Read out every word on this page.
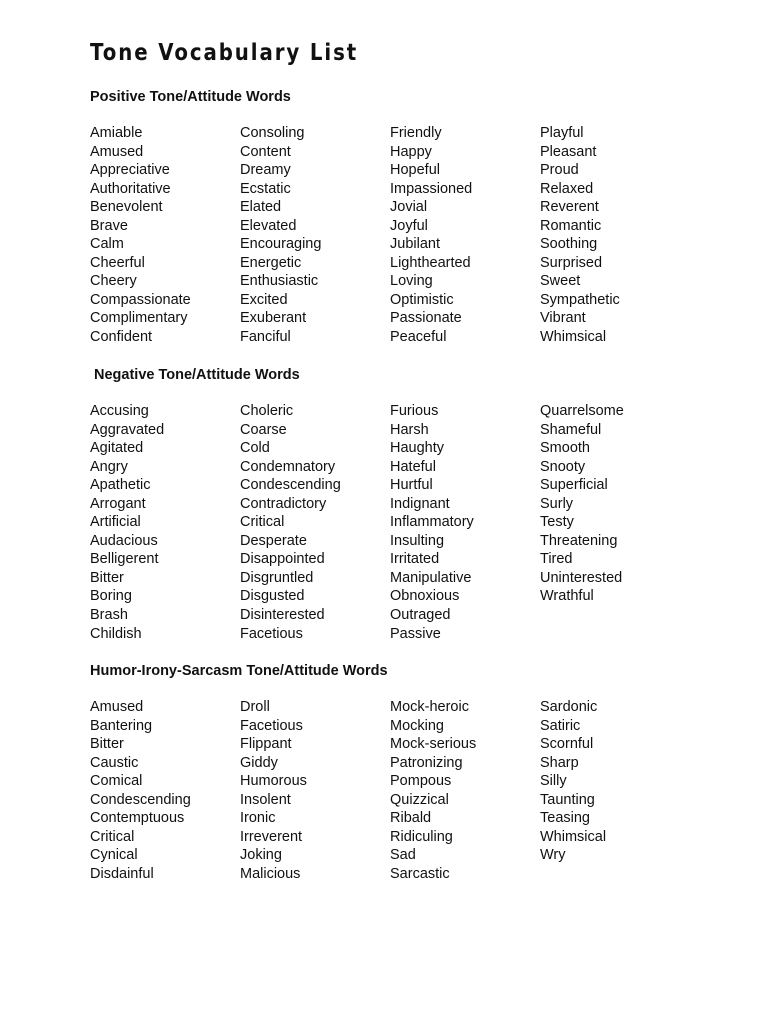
Tone Vocabulary List
Positive Tone/Attitude Words
Amiable
Amused
Appreciative
Authoritative
Benevolent
Brave
Calm
Cheerful
Cheery
Compassionate
Complimentary
Confident
Consoling
Content
Dreamy
Ecstatic
Elated
Elevated
Encouraging
Energetic
Enthusiastic
Excited
Exuberant
Fanciful
Friendly
Happy
Hopeful
Impassioned
Jovial
Joyful
Jubilant
Lighthearted
Loving
Optimistic
Passionate
Peaceful
Playful
Pleasant
Proud
Relaxed
Reverent
Romantic
Soothing
Surprised
Sweet
Sympathetic
Vibrant
Whimsical
Negative Tone/Attitude Words
Accusing
Aggravated
Agitated
Angry
Apathetic
Arrogant
Artificial
Audacious
Belligerent
Bitter
Boring
Brash
Childish
Choleric
Coarse
Cold
Condemnatory
Condescending
Contradictory
Critical
Desperate
Disappointed
Disgruntled
Disgusted
Disinterested
Facetious
Furious
Harsh
Haughty
Hateful
Hurtful
Indignant
Inflammatory
Insulting
Irritated
Manipulative
Obnoxious
Outraged
Passive
Quarrelsome
Shameful
Smooth
Snooty
Superficial
Surly
Testy
Threatening
Tired
Uninterested
Wrathful
Humor-Irony-Sarcasm Tone/Attitude Words
Amused
Bantering
Bitter
Caustic
Comical
Condescending
Contemptuous
Critical
Cynical
Disdainful
Droll
Facetious
Flippant
Giddy
Humorous
Insolent
Ironic
Irreverent
Joking
Malicious
Mock-heroic
Mocking
Mock-serious
Patronizing
Pompous
Quizzical
Ribald
Ridiculing
Sad
Sarcastic
Sardonic
Satiric
Scornful
Sharp
Silly
Taunting
Teasing
Whimsical
Wry
